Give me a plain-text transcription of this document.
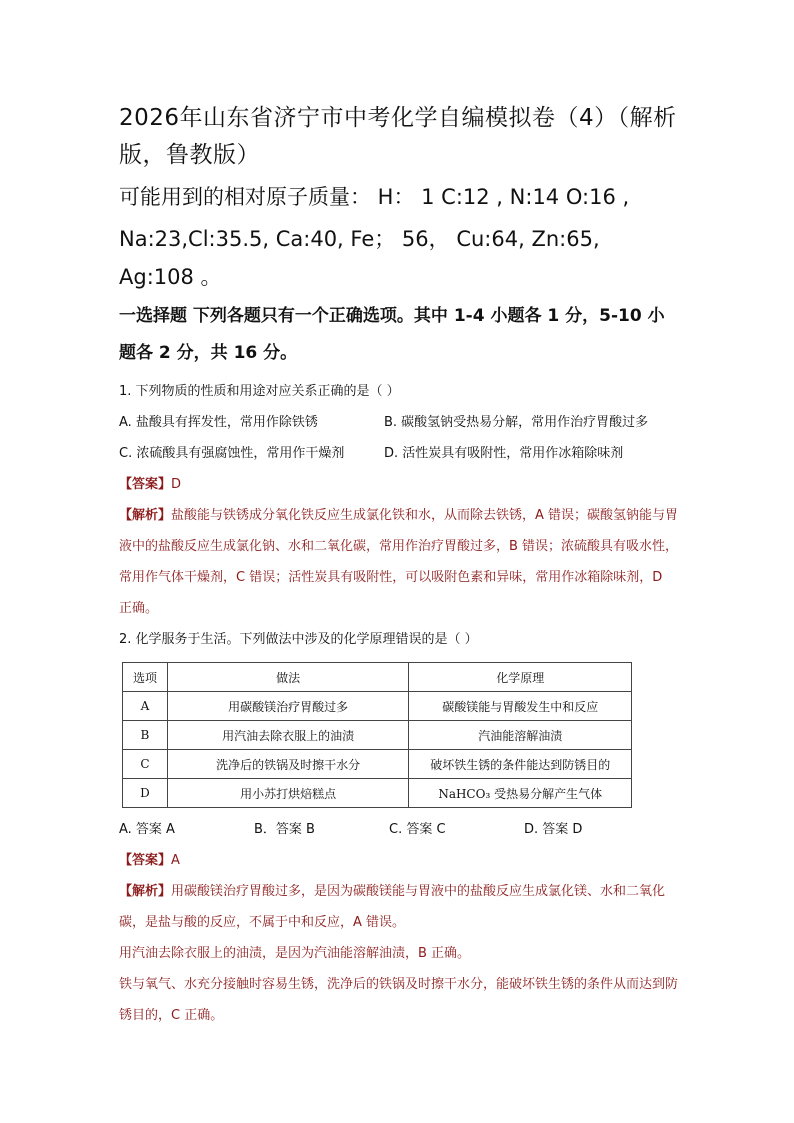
2026年山东省济宁市中考化学自编模拟卷（4）（解析版，鲁教版）
可能用到的相对原子质量： H： 1 C:12 , N:14 O:16 ,
Na:23,Cl:35.5, Ca:40, Fe； 56， Cu:64, Zn:65, Ag:108 。
一选择题 下列各题只有一个正确选项。其中 1-4 小题各 1 分，5-10 小题各 2 分，共 16 分。

1. 下列物质的性质和用途对应关系正确的是（ ）

A. 盐酸具有挥发性，常用作除铁锈	B. 碳酸氢钠受热易分解，常用作治疗胃酸过多
C. 浓硫酸具有强腐蚀性，常用作干燥剂	D. 活性炭具有吸附性，常用作冰箱除味剂

【答案】D

【解析】盐酸能与铁锈成分氧化铁反应生成氯化铁和水，从而除去铁锈，A 错误；碳酸氢钠能与胃液中的盐酸反应生成氯化钠、水和二氧化碳，常用作治疗胃酸过多，B 错误；浓硫酸具有吸水性，常用作气体干燥剂，C 错误；活性炭具有吸附性，可以吸附色素和异味，常用作冰箱除味剂，D 正确。

2. 化学服务于生活。下列做法中涉及的化学原理错误的是（ ）

选项	做法	化学原理
A	用碳酸镁治疗胃酸过多	碳酸镁能与胃酸发生中和反应
B	用汽油去除衣服上的油渍	汽油能溶解油渍
C	洗净后的铁锅及时擦干水分	破坏铁生锈的条件能达到防锈目的
D	用小苏打烘焙糕点	NaHCO₃ 受热易分解产生气体
A. 答案 A	B．答案 B	C. 答案 C	D. 答案 D

【答案】A

【解析】用碳酸镁治疗胃酸过多，是因为碳酸镁能与胃液中的盐酸反应生成氯化镁、水和二氧化碳，是盐与酸的反应，不属于中和反应，A 错误。

用汽油去除衣服上的油渍，是因为汽油能溶解油渍，B 正确。

铁与氧气、水充分接触时容易生锈，洗净后的铁锅及时擦干水分，能破坏铁生锈的条件从而达到防锈目的，C 正确。
